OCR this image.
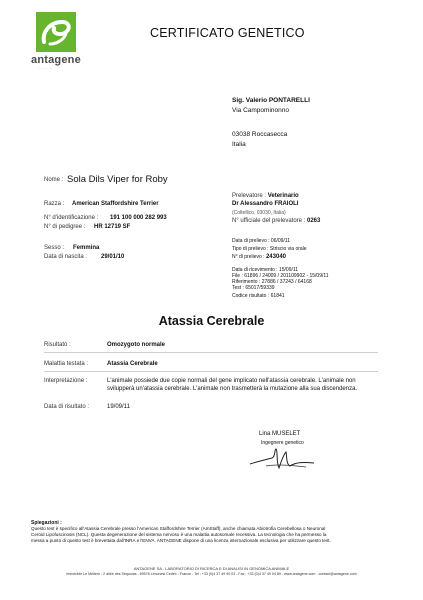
antagene
..................
CERTIFICATO GENETICO
Sig. Valerio PONTARELLI
Via Campominonno
03038 Roccasecca
Italia
Nome : Sola Dils Viper for Roby
Razza : American Staffordshire Terrier
N° d'identificazione : 191 100 000 282 993
N° di pedigree : HR 12719 SF
Sesso : Femmina
Data di nascita : 29/01/10
Prelevatore : Veterinario
Dr Alessandro FRAIOLI
(Coltellico, 03030, Italia)
N° ufficiale del prelevatore : 0263
Data di prelievo : 06/09/11
Tipo di prelievo : Striscio via orale
N° di prelievo : 243040
Data di ricevimento : 15/09/11
File : 61896 / 24009 / 201109902 - 15/09/11
Riferimento : 27886 / 37243 / 64168
Test : 65017/59339
Codice risultato : 61841
Atassia Cerebrale
Risultato :	Omozygoto normale
Malattia testata :	Atassia Cerebrale
Interpretazione :	L'animale possiede due copie normali del gene implicato nell'atassia cerebrale. L'animale non
svilupperà un'atassia cerebrale. L'animale non trasmetterà la mutazione alla sua discendenza.
Data di risultato :	19/09/11
Lina MUSELET
Ingegnere genetico
Spiegazioni :
Questo test è specifico all'Atassia Cerebrale presso l'American Staffordshire Terrier (AmStaff), anche chiamata Abiotrofia Cerebellosa o Neuronal
Ceroid Lipofuscinosis (NCL). Questa degenerazione del sistema nervoso è una malattia autosomale recessiva. La tecnologia che ha permesso la
messa a punto di questo test è brevettata dall'INRA e l'ENVA. ANTAGENE dispone di una licenza internazionale esclusiva per utilizzare questo test.
ANTAGENE SA - LABORATORIO DI RICERCA E DI ANALISI IN GENOMICA ANIMALE
Immeuble Le Meltem - 2 allée des Séquoias - 69578 Limonest Cedex - France - Tel : +33 (0)4 37 49 90 03 - Fax : +33 (0)4 37 49 04 89 - www.antagene.com - contact@antagene.com
